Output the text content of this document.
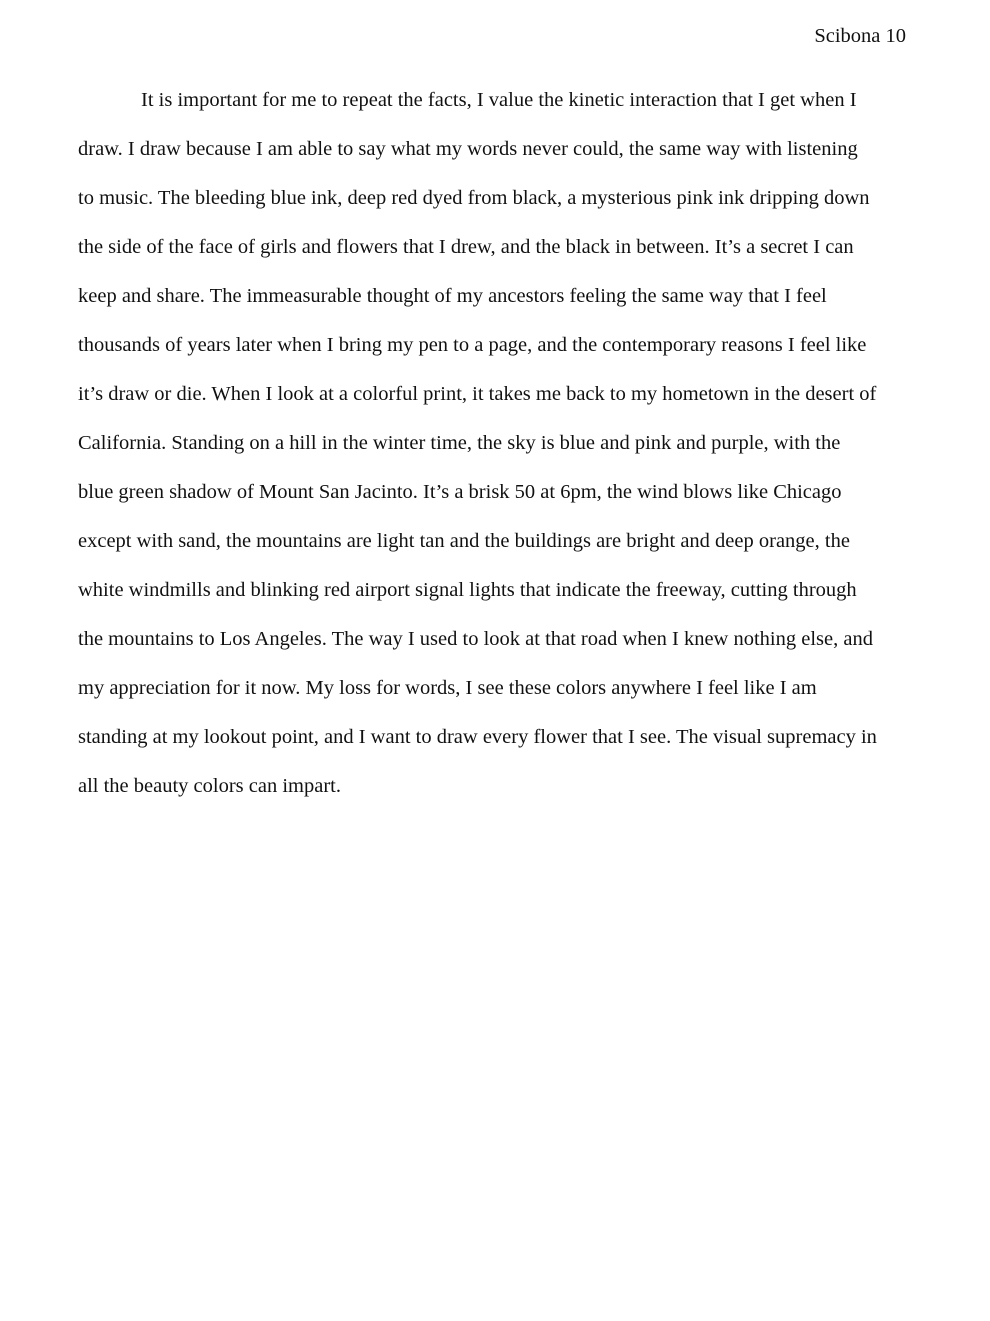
Scibona 10
It is important for me to repeat the facts, I value the kinetic interaction that I get when I
draw. I draw because I am able to say what my words never could, the same way with listening
to music. The bleeding blue ink, deep red dyed from black, a mysterious pink ink dripping down
the side of the face of girls and flowers that I drew, and the black in between. It’s a secret I can
keep and share. The immeasurable thought of my ancestors feeling the same way that I feel
thousands of years later when I bring my pen to a page, and the contemporary reasons I feel like
it’s draw or die. When I look at a colorful print, it takes me back to my hometown in the desert of
California. Standing on a hill in the winter time, the sky is blue and pink and purple, with the
blue green shadow of Mount San Jacinto. It’s a brisk 50 at 6pm, the wind blows like Chicago
except with sand, the mountains are light tan and the buildings are bright and deep orange, the
white windmills and blinking red airport signal lights that indicate the freeway, cutting through
the mountains to Los Angeles. The way I used to look at that road when I knew nothing else, and
my appreciation for it now. My loss for words, I see these colors anywhere I feel like I am
standing at my lookout point, and I want to draw every flower that I see. The visual supremacy in
all the beauty colors can impart.
